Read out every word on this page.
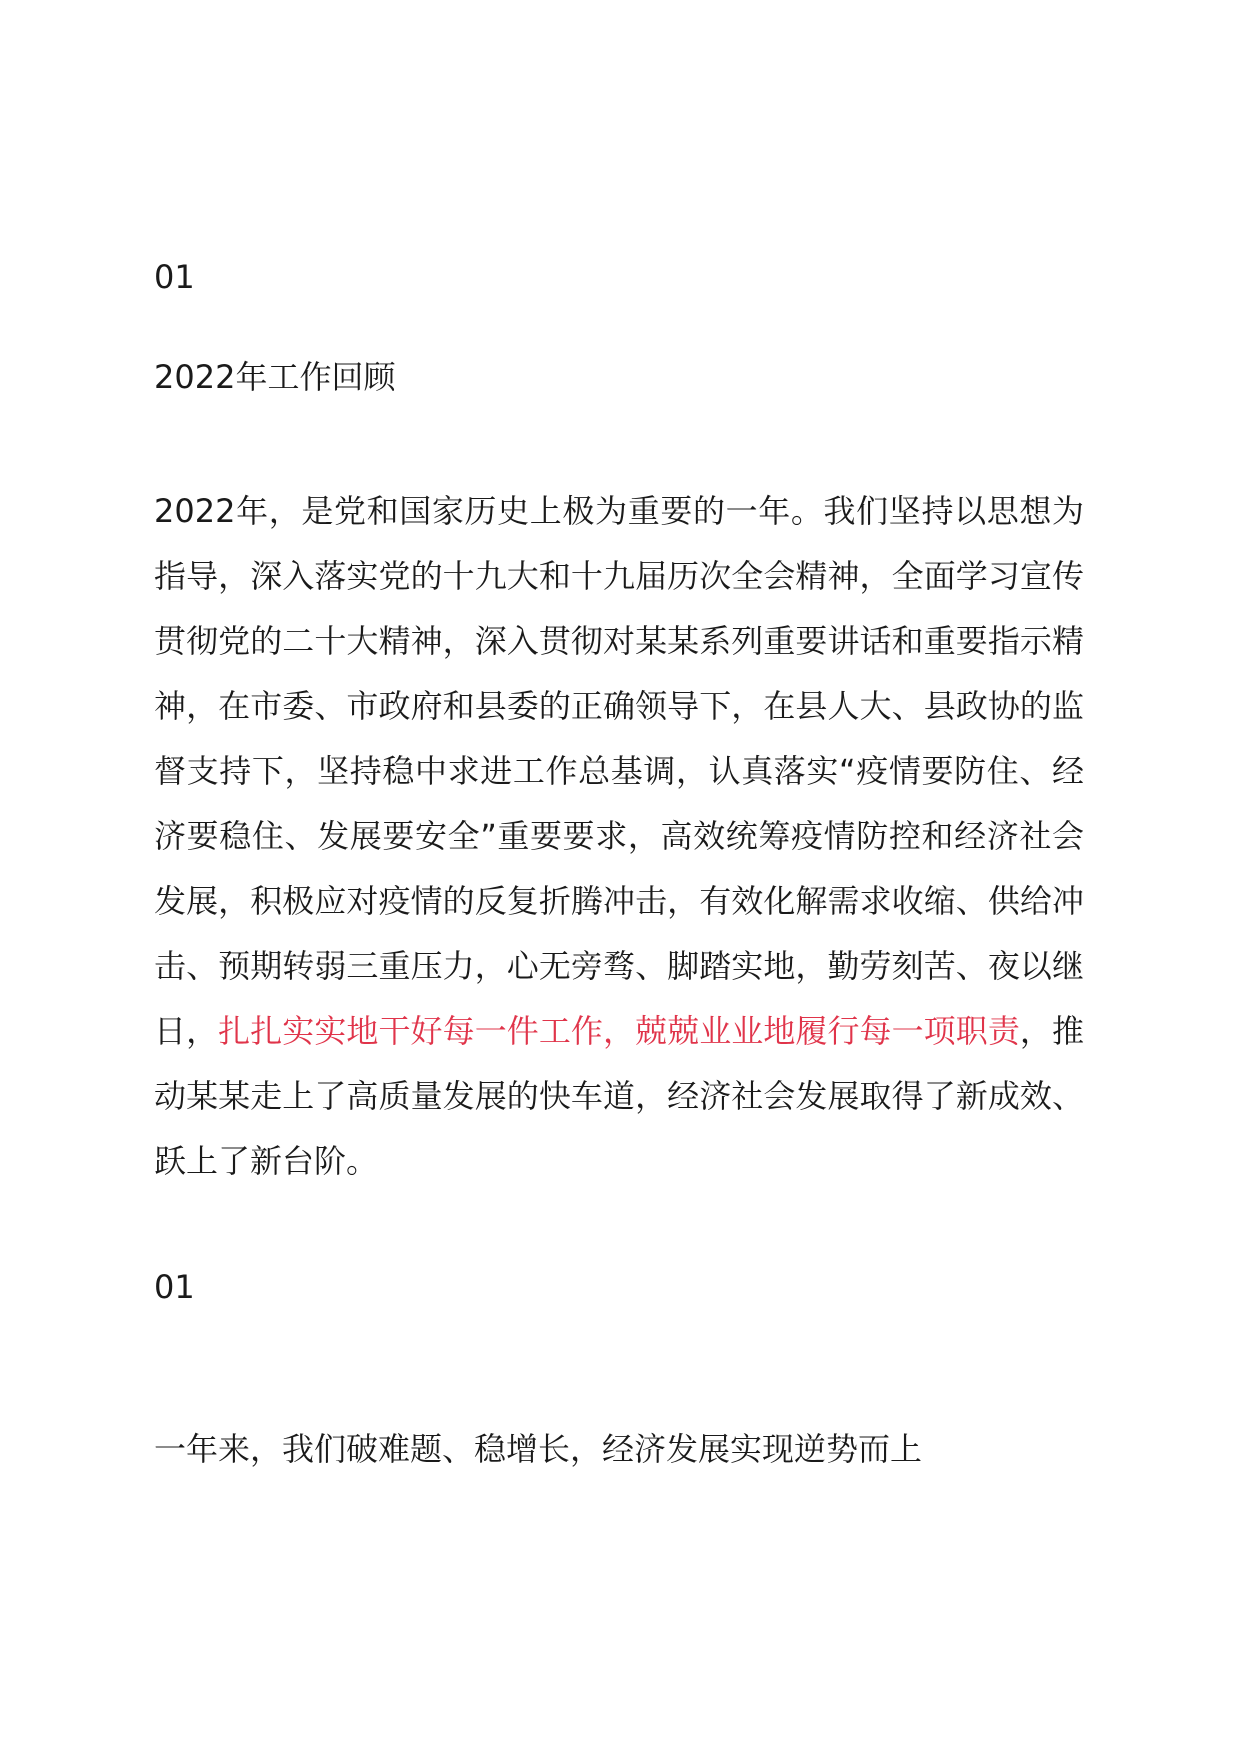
01

2022年工作回顾

2022年，是党和国家历史上极为重要的一年。我们坚持以思想为指导，深入落实党的十九大和十九届历次全会精神，全面学习宣传贯彻党的二十大精神，深入贯彻对某某系列重要讲话和重要指示精神，在市委、市政府和县委的正确领导下，在县人大、县政协的监督支持下，坚持稳中求进工作总基调，认真落实“疫情要防住、经济要稳住、发展要安全”重要要求，高效统筹疫情防控和经济社会发展，积极应对疫情的反复折腾冲击，有效化解需求收缩、供给冲击、预期转弱三重压力，心无旁骛、脚踏实地，勤劳刻苦、夜以继日，扎扎实实地干好每一件工作，兢兢业业地履行每一项职责，推动某某走上了高质量发展的快车道，经济社会发展取得了新成效、跃上了新台阶。

01

一年来，我们破难题、稳增长，经济发展实现逆势而上
